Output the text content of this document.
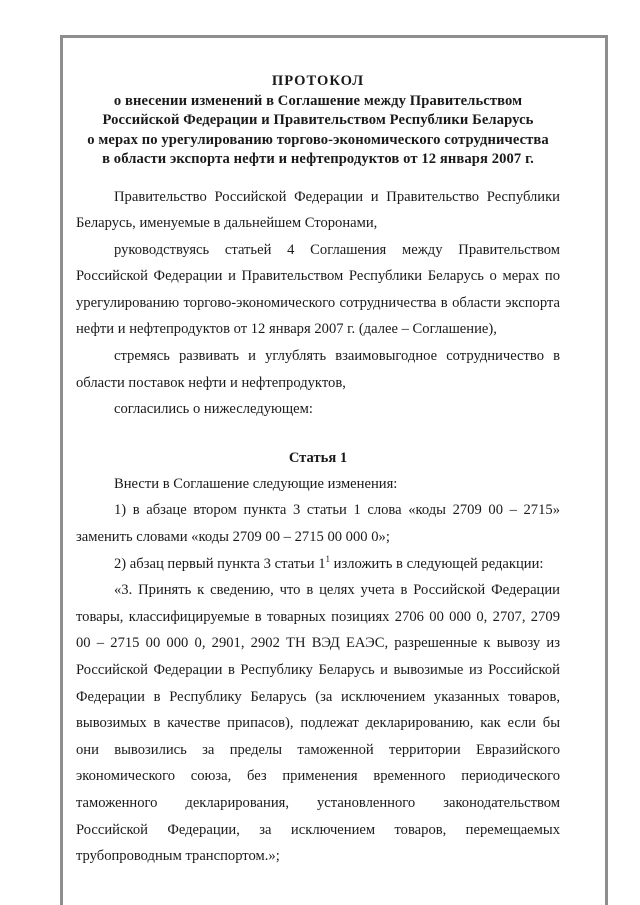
ПРОТОКОЛ
о внесении изменений в Соглашение между Правительством
Российской Федерации и Правительством Республики Беларусь
о мерах по урегулированию торгово-экономического сотрудничества
в области экспорта нефти и нефтепродуктов от 12 января 2007 г.

Правительство Российской Федерации и Правительство Республики Беларусь, именуемые в дальнейшем Сторонами,

руководствуясь статьей 4 Соглашения между Правительством Российской Федерации и Правительством Республики Беларусь о мерах по урегулированию торгово-экономического сотрудничества в области экспорта нефти и нефтепродуктов от 12 января 2007 г. (далее – Соглашение),

стремясь развивать и углублять взаимовыгодное сотрудничество в области поставок нефти и нефтепродуктов,

согласились о нижеследующем:

Статья 1

Внести в Соглашение следующие изменения:

1) в абзаце втором пункта 3 статьи 1 слова «коды 2709 00 – 2715» заменить словами «коды 2709 00 – 2715 00 000 0»;

2) абзац первый пункта 3 статьи $1^1$ изложить в следующей редакции:

«3. Принять к сведению, что в целях учета в Российской Федерации товары, классифицируемые в товарных позициях 2706 00 000 0, 2707, 2709 00 – 2715 00 000 0, 2901, 2902 ТН ВЭД ЕАЭС, разрешенные к вывозу из Российской Федерации в Республику Беларусь и вывозимые из Российской Федерации в Республику Беларусь (за исключением указанных товаров, вывозимых в качестве припасов), подлежат декларированию, как если бы они вывозились за пределы таможенной территории Евразийского экономического союза, без применения временного периодического таможенного декларирования, установленного законодательством Российской Федерации, за исключением товаров, перемещаемых трубопроводным транспортом.»;
